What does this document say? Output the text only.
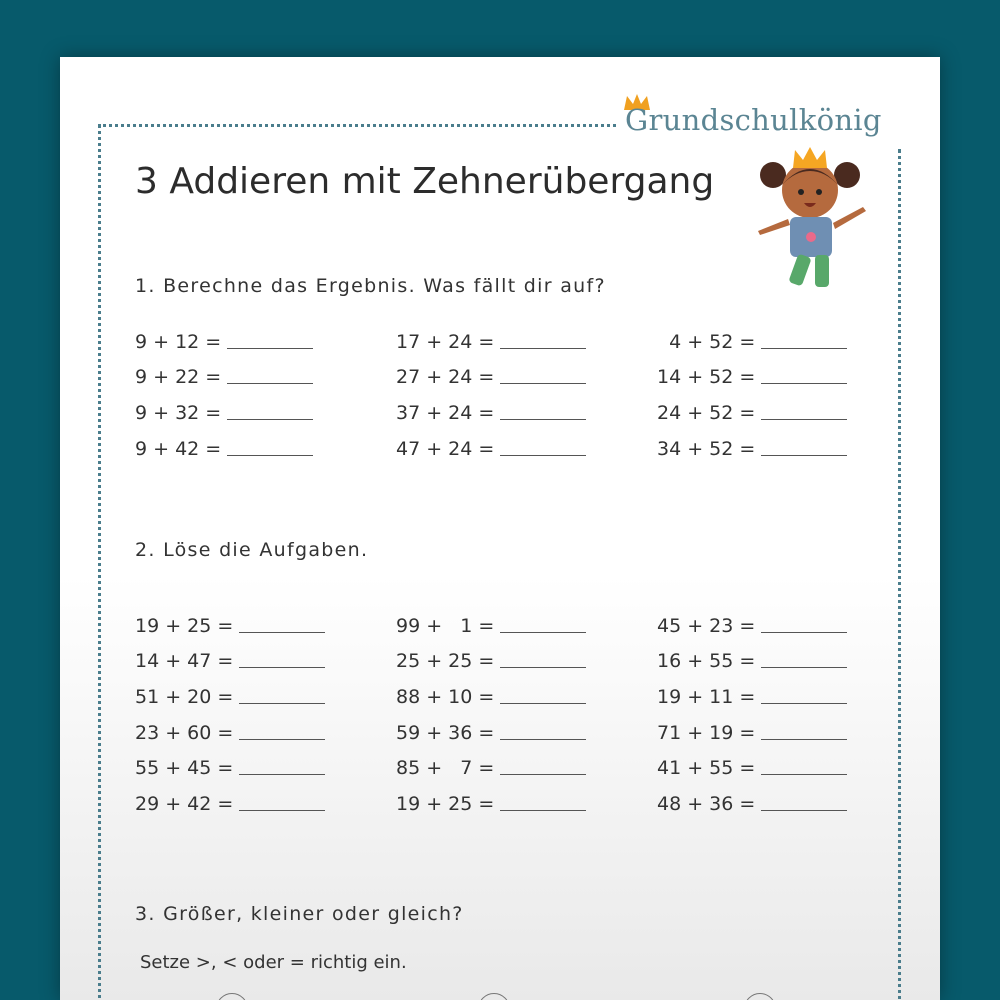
Grundschulkönig
3 Addieren mit Zehnerübergang
1. Berechne das Ergebnis. Was fällt dir auf?
9 + 12 =
9 + 22 =
9 + 32 =
9 + 42 =
17 + 24 =
27 + 24 =
37 + 24 =
47 + 24 =
4 + 52 =
14 + 52 =
24 + 52 =
34 + 52 =
2. Löse die Aufgaben.
19 + 25 =
14 + 47 =
51 + 20 =
23 + 60 =
55 + 45 =
29 + 42 =
99 +   1 =
25 + 25 =
88 + 10 =
59 + 36 =
85 +   7 =
19 + 25 =
45 + 23 =
16 + 55 =
19 + 11 =
71 + 19 =
41 + 55 =
48 + 36 =
3. Größer, kleiner oder gleich?
Setze >, < oder = richtig ein.
